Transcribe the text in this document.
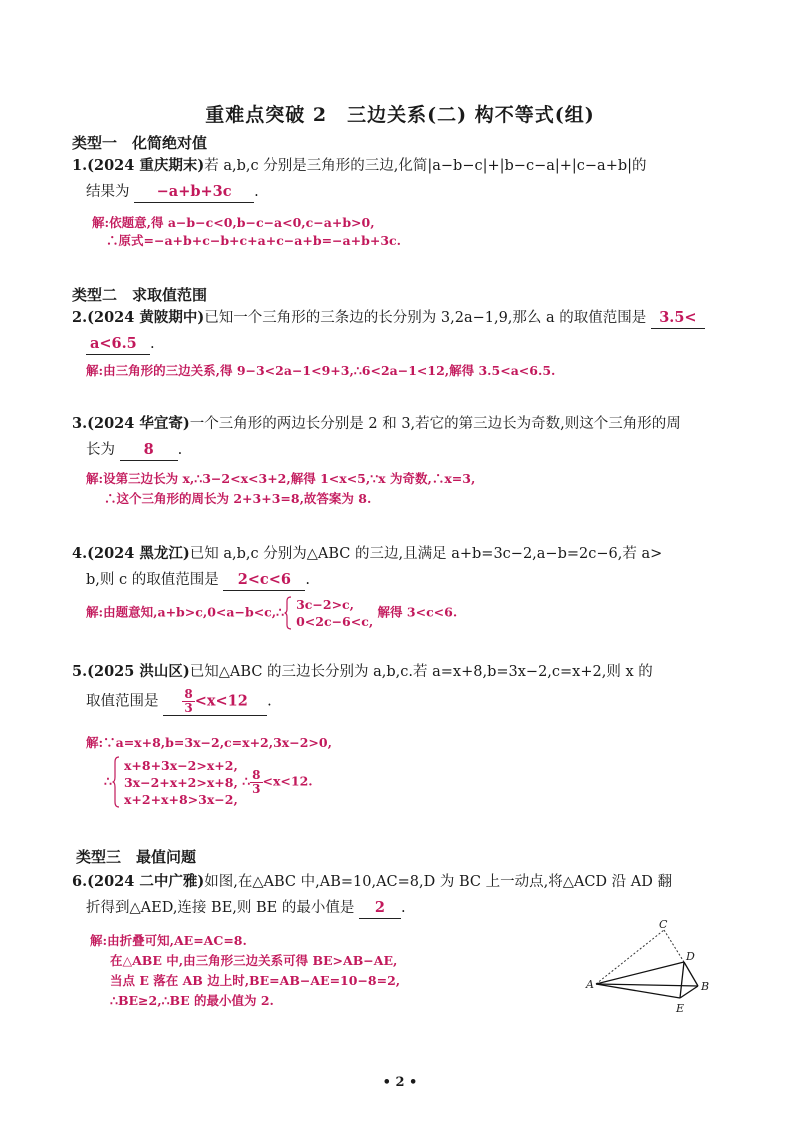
重难点突破 2　三边关系(二) 构不等式(组)
类型一　化简绝对值
1.(2024 重庆期末)若 a,b,c 分别是三角形的三边,化简|a−b−c|+|b−c−a|+|c−a+b|的
结果为 −a+b+3c .
解:依题意,得 a−b−c<0,b−c−a<0,c−a+b>0,
∴原式=−a+b+c−b+c+a+c−a+b=−a+b+3c.
类型二　求取值范围
2.(2024 黄陂期中)已知一个三角形的三条边的长分别为 3,2a−1,9,那么 a 的取值范围是 3.5<
a<6.5 .
解:由三角形的三边关系,得 9−3<2a−1<9+3,∴6<2a−1<12,解得 3.5<a<6.5.
3.(2024 华宜寄)一个三角形的两边长分别是 2 和 3,若它的第三边长为奇数,则这个三角形的周
长为 8 .
解:设第三边长为 x,∴3−2<x<3+2,解得 1<x<5,∵x 为奇数,∴x=3,
∴这个三角形的周长为 2+3+3=8,故答案为 8.
4.(2024 黑龙江)已知 a,b,c 分别为△ABC 的三边,且满足 a+b=3c−2,a−b=2c−6,若 a>
b,则 c 的取值范围是 2<c<6 .
解:由题意知,a+b>c,0<a−b<c,∴ 3c−2>c,
0<2c−6<c,
解得 3<c<6.
5.(2025 洪山区)已知△ABC 的三边长分别为 a,b,c.若 a=x+8,b=3x−2,c=x+2,则 x 的
取值范围是 $\frac{8}{3} <x<12$ .
解:∵a=x+8,b=3x−2,c=x+2,3x−2>0,
∴
x+8+3x−2>x+2,
3x−2+x+2>x+8,
x+2+x+8>3x−2,
∴ $\frac{8}{3} <x<12$.
类型三　最值问题
6.(2024 二中广雅)如图,在△ABC 中,AB=10,AC=8,D 为 BC 上一动点,将△ACD 沿 AD 翻
折得到△AED,连接 BE,则 BE 的最小值是 2 .
解:由折叠可知,AE=AC=8.
在△ABE 中,由三角形三边关系可得 BE>AB−AE,
当点 E 落在 AB 边上时,BE=AB−AE=10−8=2,
∴BE≥2,∴BE 的最小值为 2.
A	B
C
D
E
• 2 •
